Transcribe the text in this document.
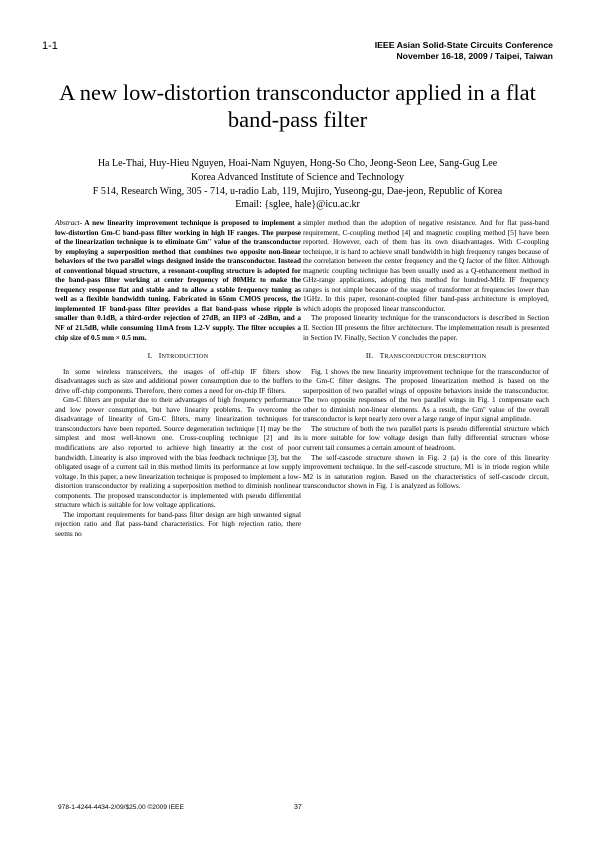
1-1	IEEE Asian Solid-State Circuits Conference
November 16-18, 2009 / Taipei, Taiwan
A new low-distortion transconductor applied in a flat band-pass filter
Ha Le-Thai, Huy-Hieu Nguyen, Hoai-Nam Nguyen, Hong-So Cho, Jeong-Seon Lee, Sang-Gug Lee
Korea Advanced Institute of Science and Technology
F 514, Research Wing, 305 - 714, u-radio Lab, 119, Mujiro, Yuseong-gu, Dae-jeon, Republic of Korea
Email: {sglee, hale}@icu.ac.kr

Abstract- A new linearity improvement technique is proposed to implement a low-distortion Gm-C band-pass filter working in high IF ranges. The purpose of the linearization technique is to eliminate Gm'' value of the transconductor by employing a superposition method that combines two opposite non-linear behaviors of the two parallel wings designed inside the transconductor. Instead of conventional biquad structure, a resonant-coupling structure is adopted for the band-pass filter working at center frequency of 80MHz to make the frequency response flat and stable and to allow a stable frequency tuning as well as a flexible bandwidth tuning. Fabricated in 65nm CMOS process, the implemented IF band-pass filter provides a flat band-pass whose ripple is smaller than 0.1dB, a third-order rejection of 27dB, an IIP3 of -2dBm, and a NF of 21.5dB, while consuming 11mA from 1.2-V supply. The filter occupies a chip size of 0.5 mm × 0.5 mm.

I. INTRODUCTION

In some wireless transceivers, the usages of off-chip IF filters show disadvantages such as size and additional power consumption due to the buffers to drive off-chip components. Therefore, there comes a need for on-chip IF filters.

Gm-C filters are popular due to their advantages of high frequency performance and low power consumption, but have linearity problems. To overcome the disadvantage of linearity of Gm-C filters, many linearization techniques for transconductors have been reported. Source degeneration technique [1] may be the simplest and most well-known one. Cross-coupling technique [2] and its modifications are also reported to achieve high linearity at the cost of poor bandwidth. Linearity is also improved with the bias feedback technique [3], but the obligated usage of a current tail in this method limits its performance at low supply voltage. In this paper, a new linearization technique is proposed to implement a low-distortion transconductor by realizing a superposition method to diminish nonlinear components. The proposed transconductor is implemented with pseudo differential structure which is suitable for low voltage applications.

The important requirements for band-pass filter design are high unwanted signal rejection ratio and flat pass-band characteristics. For high rejection ratio, there seems no

simpler method than the adoption of negative resistance. And for flat pass-band requirement, C-coupling method [4] and magnetic coupling method [5] have been reported. However, each of them has its own disadvantages. With C-coupling technique, it is hard to achieve small bandwidth in high frequency ranges because of the correlation between the center frequency and the Q factor of the filter. Although magnetic coupling technique has been usually used as a Q-enhancement method in GHz-range applications, adopting this method for hundred-MHz IF frequency ranges is not simple because of the usage of transformer at frequencies lower than 1GHz. In this paper, resonant-coupled filter band-pass architecture is employed, which adopts the proposed linear transconductor.

The proposed linearity technique for the transconductors is described in Section II. Section III presents the filter architecture. The implementation result is presented in Section IV. Finally, Section V concludes the paper.

II. TRANSCONDUCTOR DESCRIPTION

Fig. 1 shows the new linearity improvement technique for the transconductor of the Gm-C filter designs. The proposed linearization method is based on the superposition of two parallel wings of opposite behaviors inside the transconductor. The two opposite responses of the two parallel wings in Fig. 1 compensate each other to diminish non-linear elements. As a result, the Gm'' value of the overall transconductor is kept nearly zero over a large range of input signal amplitude.

The structure of both the two parallel parts is pseudo differential structure which is more suitable for low voltage design than fully differential structure whose current tail consumes a certain amount of headroom.

The self-cascode structure shown in Fig. 2 (a) is the core of this linearity improvement technique. In the self-cascode structure, M1 is in triode region while M2 is in saturation region. Based on the characteristics of self-cascode circuit, transconductor shown in Fig. 1 is analyzed as follows.

978-1-4244-4434-2/09/$25.00 ©2009 IEEE	37
